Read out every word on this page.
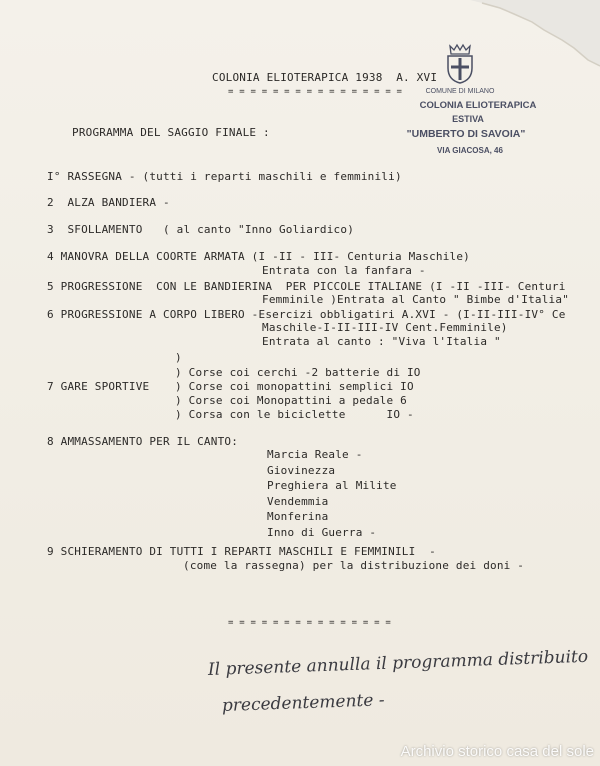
COLONIA ELIOTERAPICA 1938  A. XVI
= = = = = = = = = = = = = = = =
PROGRAMMA DEL SAGGIO FINALE :
COMUNE DI MILANO
COLONIA ELIOTERAPICA
ESTIVA
"UMBERTO DI SAVOIA"
VIA GIACOSA, 46
I° RASSEGNA - (tutti i reparti maschili e femminili)
2  ALZA BANDIERA -
3  SFOLLAMENTO   ( al canto "Inno Goliardico)
4 MANOVRA DELLA COORTE ARMATA (I -II - III- Centuria Maschile)
Entrata con la fanfara -
5 PROGRESSIONE  CON LE BANDIERINA  PER PICCOLE ITALIANE (I -II -III- Centuri
Femminile )Entrata al Canto " Bimbe d'Italia"
6 PROGRESSIONE A CORPO LIBERO -Esercizi obbligatiri A.XVI - (I-II-III-IV° Ce
Maschile-I-II-III-IV Cent.Femminile)
Entrata al canto : "Viva l'Italia "
)
7 GARE SPORTIVE
) Corse coi cerchi -2 batterie di IO
) Corse coi monopattini semplici IO
) Corse coi Monopattini a pedale 6
) Corsa con le biciclette      IO -
8 AMMASSAMENTO PER IL CANTO:
Marcia Reale -
Giovinezza
Preghiera al Milite
Vendemmia
Monferina
Inno di Guerra -
9 SCHIERAMENTO DI TUTTI I REPARTI MASCHILI E FEMMINILI  -
(come la rassegna) per la distribuzione dei doni -
= = = = = = = = = = = = = = =
Il presente annulla il programma distribuito
precedentemente -
Archivio storico casa del sole
